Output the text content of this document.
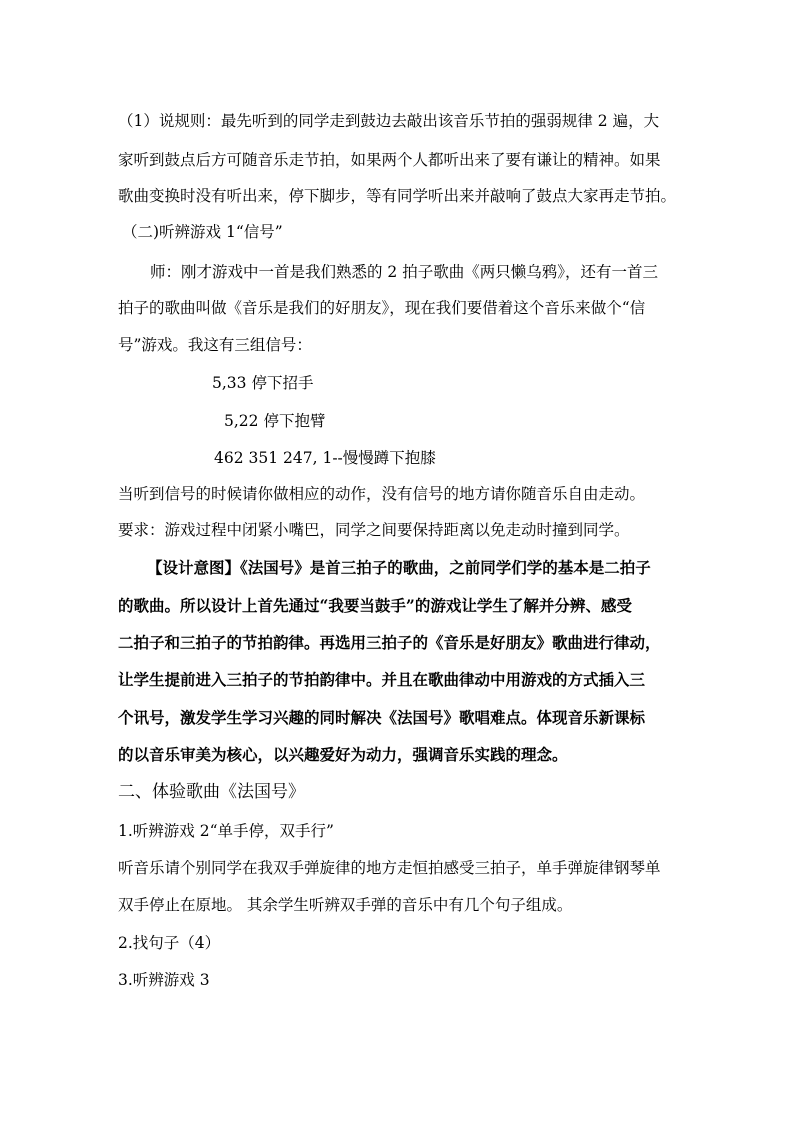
（1）说规则：最先听到的同学走到鼓边去敲出该音乐节拍的强弱规律 2 遍，大
家听到鼓点后方可随音乐走节拍，如果两个人都听出来了要有谦让的精神。如果
歌曲变换时没有听出来，停下脚步，等有同学听出来并敲响了鼓点大家再走节拍。
（二)听辨游戏 1“信号”
师：刚才游戏中一首是我们熟悉的 2 拍子歌曲《两只懒乌鸦》，还有一首三
拍子的歌曲叫做《音乐是我们的好朋友》，现在我们要借着这个音乐来做个“信
号”游戏。我这有三组信号：
5,33 停下招手
5,22 停下抱臂
462 351 247, 1--慢慢蹲下抱膝
当听到信号的时候请你做相应的动作，没有信号的地方请你随音乐自由走动。
要求：游戏过程中闭紧小嘴巴，同学之间要保持距离以免走动时撞到同学。
【设计意图】《法国号》是首三拍子的歌曲，之前同学们学的基本是二拍子
的歌曲。所以设计上首先通过“我要当鼓手”的游戏让学生了解并分辨、感受
二拍子和三拍子的节拍韵律。再选用三拍子的《音乐是好朋友》歌曲进行律动，
让学生提前进入三拍子的节拍韵律中。并且在歌曲律动中用游戏的方式插入三
个讯号，激发学生学习兴趣的同时解决《法国号》歌唱难点。体现音乐新课标
的以音乐审美为核心，以兴趣爱好为动力，强调音乐实践的理念。
二、体验歌曲《法国号》
1.听辨游戏 2“单手停，双手行”
听音乐请个别同学在我双手弹旋律的地方走恒拍感受三拍子，单手弹旋律钢琴单
双手停止在原地。 其余学生听辨双手弹的音乐中有几个句子组成。
2.找句子（4）
3.听辨游戏 3
